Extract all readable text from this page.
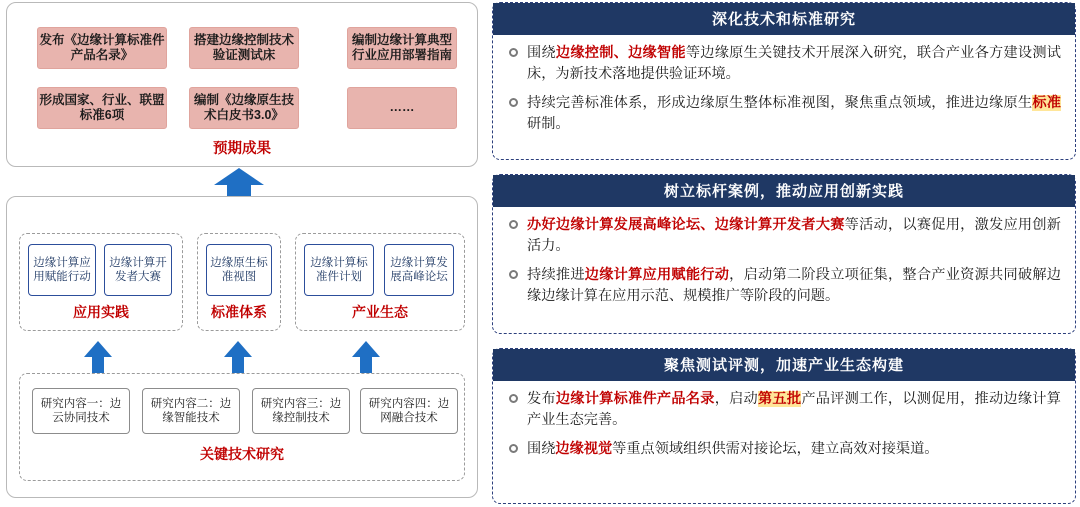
发布《边缘计算标准件产品名录》
搭建边缘控制技术验证测试床
编制边缘计算典型行业应用部署指南
形成国家、行业、联盟标准6项
编制《边缘原生技术白皮书3.0》
……
预期成果
边缘计算应用赋能行动
边缘计算开发者大赛
应用实践
边缘原生标准视图
标准体系
边缘计算标准件计划
边缘计算发展高峰论坛
产业生态
研究内容一：边云协同技术
研究内容二：边缘智能技术
研究内容三：边缘控制技术
研究内容四：边网融合技术
关键技术研究
深化技术和标准研究
围绕边缘控制、边缘智能等边缘原生关键技术开展深入研究，联合产业各方建设测试床，为新技术落地提供验证环境。
持续完善标准体系，形成边缘原生整体标准视图，聚焦重点领域，推进边缘原生标准研制。
树立标杆案例，推动应用创新实践
办好边缘计算发展高峰论坛、边缘计算开发者大赛等活动，以赛促用，激发应用创新活力。
持续推进边缘计算应用赋能行动，启动第二阶段立项征集，整合产业资源共同破解边缘边缘计算在应用示范、规模推广等阶段的问题。
聚焦测试评测，加速产业生态构建
发布边缘计算标准件产品名录，启动第五批产品评测工作，以测促用，推动边缘计算产业生态完善。
围绕边缘视觉等重点领域组织供需对接论坛，建立高效对接渠道。
